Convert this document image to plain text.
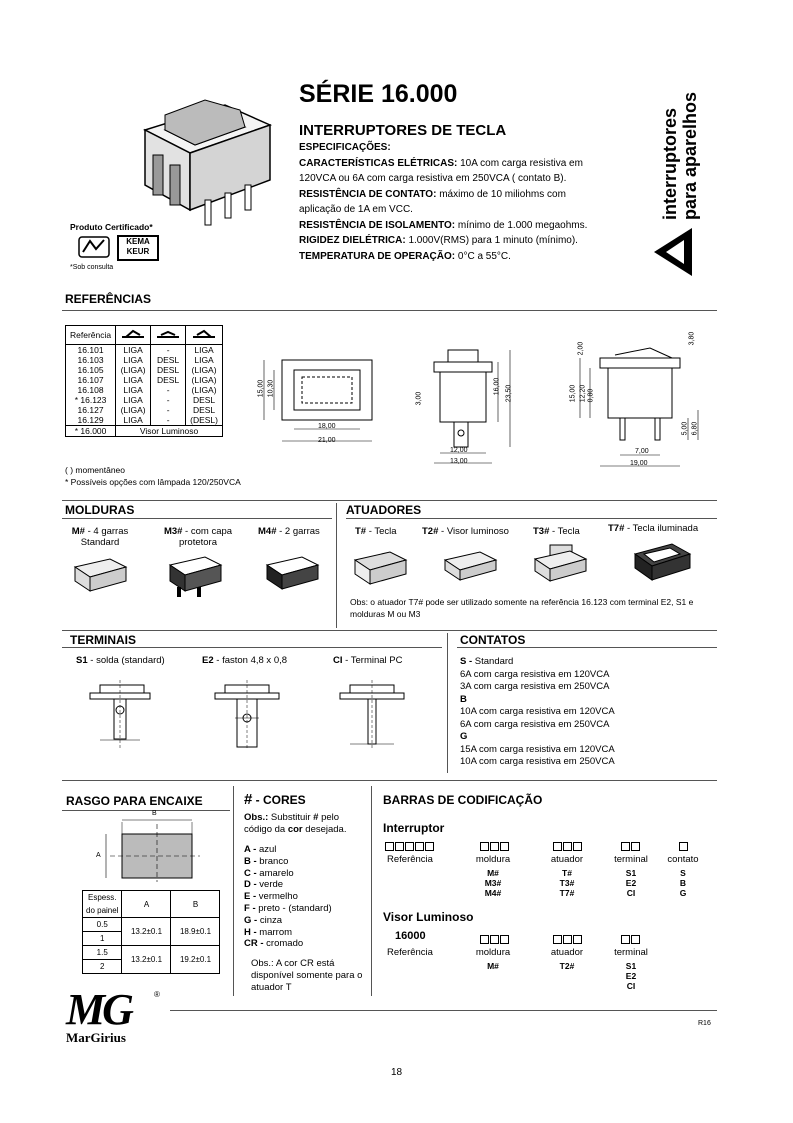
Produto Certificado*
KEMA KEUR
*Sob consulta
SÉRIE 16.000
INTERRUPTORES DE TECLA
ESPECIFICAÇÕES:
CARACTERÍSTICAS ELÉTRICAS: 10A com carga resistiva em 120VCA ou 6A com carga resistiva em 250VCA ( contato B).
RESISTÊNCIA DE CONTATO: máximo de 10 miliohms com aplicação de 1A em VCC.
RESISTÊNCIA DE ISOLAMENTO: mínimo de 1.000 megaohms.
RIGIDEZ DIELÉTRICA: 1.000V(RMS) para 1 minuto (mínimo).
TEMPERATURA DE OPERAÇÃO: 0°C a 55°C.
interruptores para aparelhos
REFERÊNCIAS
Referência			
16.101	LIGA	-	LIGA
16.103	LIGA	DESL	LIGA
16.105	(LIGA)	DESL	(LIGA)
16.107	LIGA	DESL	(LIGA)
16.108	LIGA	-	(LIGA)
* 16.123	LIGA	-	DESL
16.127	(LIGA)	-	DESL
16.129	LIGA	-	(DESL)
* 16.000	Visor Luminoso		
( ) momentâneo
* Possíveis opções com lâmpada 120/250VCA
18,00
21,00
15,00 10,30
3,00
16,00 23,50
12,00
13,00
2,00
3,80
15,00 12,20 0,80
5,00 6,80
7,00
19,00
MOLDURAS	ATUADORES
M# - 4 garras
Standard
M3# - com capa
protetora
M4# - 2 garras	T# - Tecla	T2# - Visor luminoso	T3# - Tecla	T7# - Tecla iluminada
Obs: o atuador T7# pode ser utilizado somente na referência 16.123 com terminal E2, S1 e molduras M ou M3
TERMINAIS	CONTATOS
S1 - solda (standard)	E2 - faston 4,8 x 0,8	CI - Terminal PC	S - Standard
6A com carga resistiva em 120VCA
3A com carga resistiva em 250VCA
B
10A com carga resistiva em 120VCA
6A com carga resistiva em 250VCA
G
15A com carga resistiva em 120VCA
10A com carga resistiva em 250VCA
RASGO PARA ENCAIXE
B
A
Espess.	A	B
do painel		
0.5	13.2±0.1	18.9±0.1
1		
1.5	13.2±0.1	19.2±0.1
2		
# - CORES
Obs.: Substituir # pelo código da cor desejada.
A - azul
B - branco
C - amarelo
D - verde
E - vermelho
F - preto - (standard)
G - cinza
H - marrom
CR - cromado
Obs.: A cor CR está disponível somente para o atuador T
BARRAS DE CODIFICAÇÃO
Interruptor
Referência	moldura
M#
M3#
M4#
atuador
T#
T3#
T7#
terminal
S1
E2
CI
contato
S
B
G
Visor Luminoso
16000
Referência	moldura
M#
atuador
T2#
terminal
S1
E2
CI
MG
MarGirius
®
R16
18
